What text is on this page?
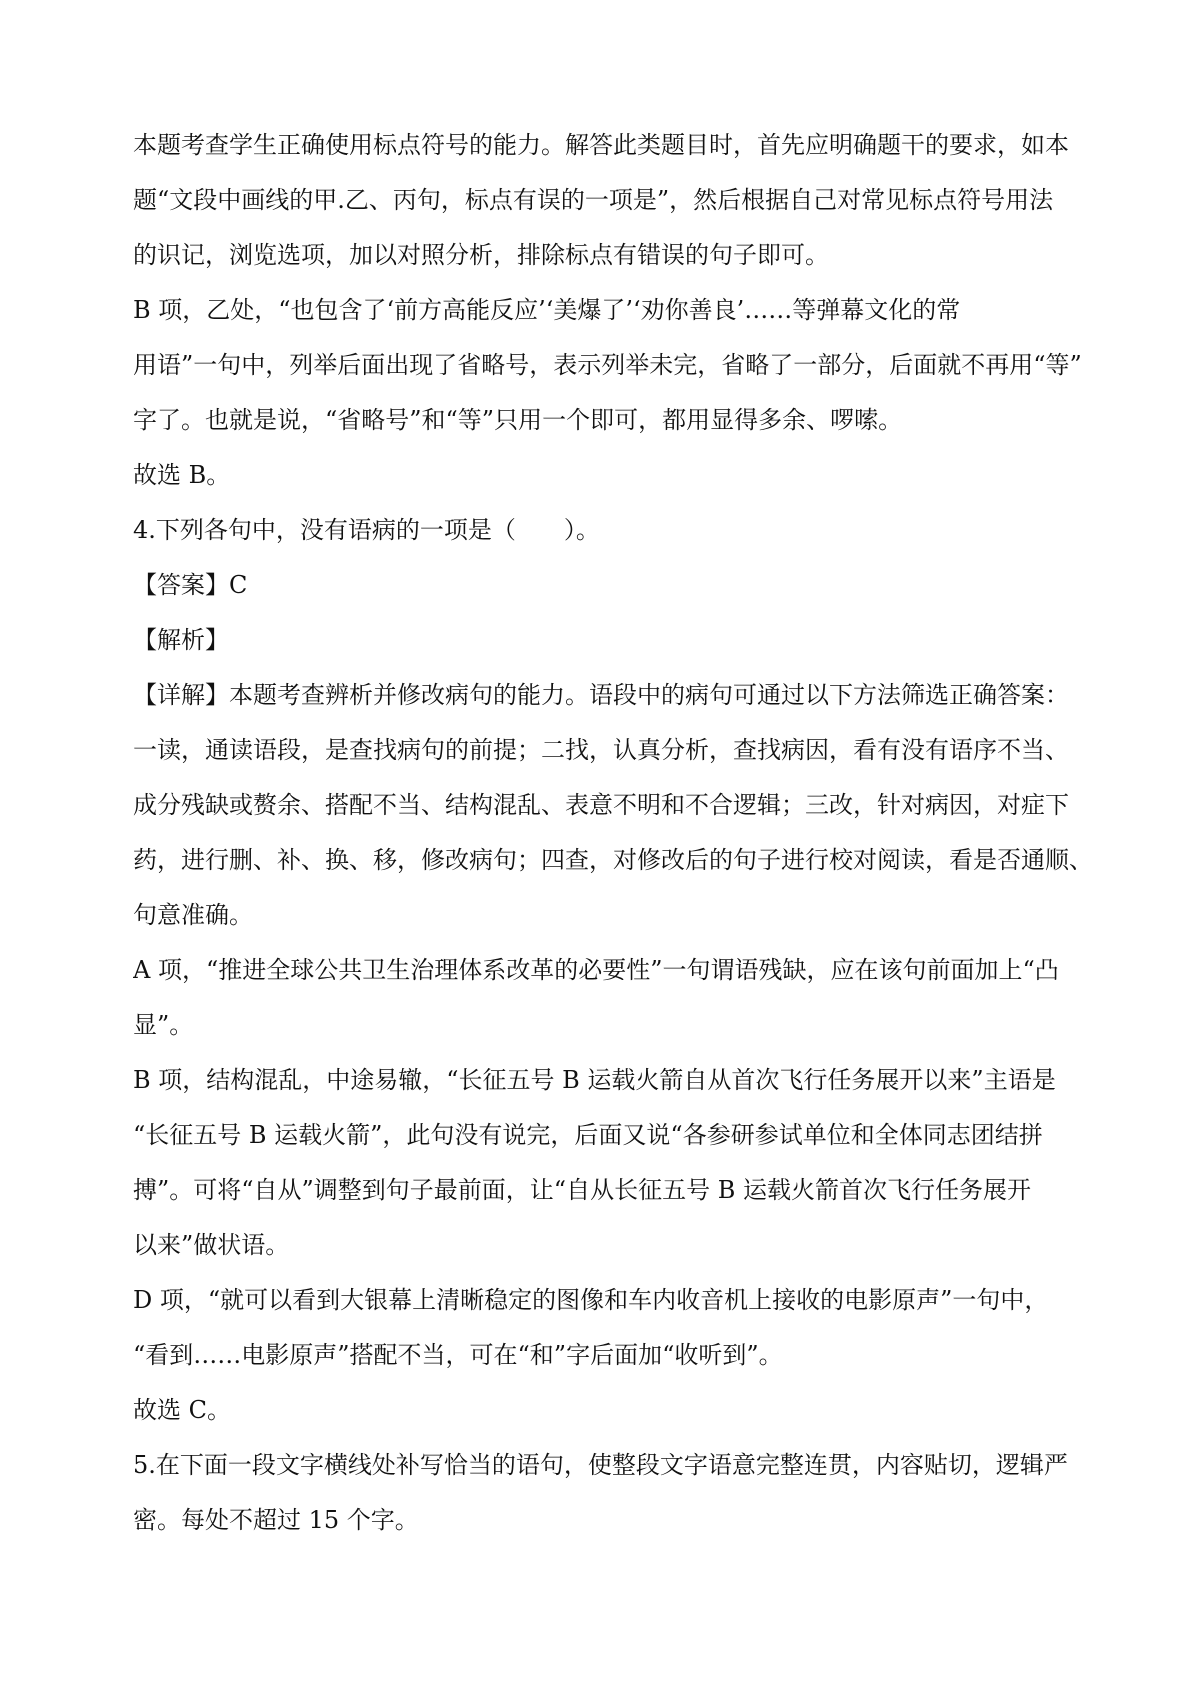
本题考查学生正确使用标点符号的能力。解答此类题目时，首先应明确题干的要求，如本
题“文段中画线的甲.乙、丙句，标点有误的一项是”，然后根据自己对常见标点符号用法
的识记，浏览选项，加以对照分析，排除标点有错误的句子即可。
B 项，乙处，“也包含了‘前方高能反应’‘美爆了’‘劝你善良’……等弹幕文化的常
用语”一句中，列举后面出现了省略号，表示列举未完，省略了一部分，后面就不再用“等”
字了。也就是说，“省略号”和“等”只用一个即可，都用显得多余、啰嗦。
故选 B。
4.下列各句中，没有语病的一项是（　　）。
【答案】C
【解析】
【详解】本题考查辨析并修改病句的能力。语段中的病句可通过以下方法筛选正确答案：
一读，通读语段，是查找病句的前提；二找，认真分析，查找病因，看有没有语序不当、
成分残缺或赘余、搭配不当、结构混乱、表意不明和不合逻辑；三改，针对病因，对症下
药，进行删、补、换、移，修改病句；四查，对修改后的句子进行校对阅读，看是否通顺、
句意准确。
A 项，“推进全球公共卫生治理体系改革的必要性”一句谓语残缺，应在该句前面加上“凸
显”。
B 项，结构混乱，中途易辙，“长征五号 B 运载火箭自从首次飞行任务展开以来”主语是
“长征五号 B 运载火箭”，此句没有说完，后面又说“各参研参试单位和全体同志团结拼
搏”。可将“自从”调整到句子最前面，让“自从长征五号 B 运载火箭首次飞行任务展开
以来”做状语。
D 项，“就可以看到大银幕上清晰稳定的图像和车内收音机上接收的电影原声”一句中，
“看到……电影原声”搭配不当，可在“和”字后面加“收听到”。
故选 C。
5.在下面一段文字横线处补写恰当的语句，使整段文字语意完整连贯，内容贴切，逻辑严
密。每处不超过 15 个字。
